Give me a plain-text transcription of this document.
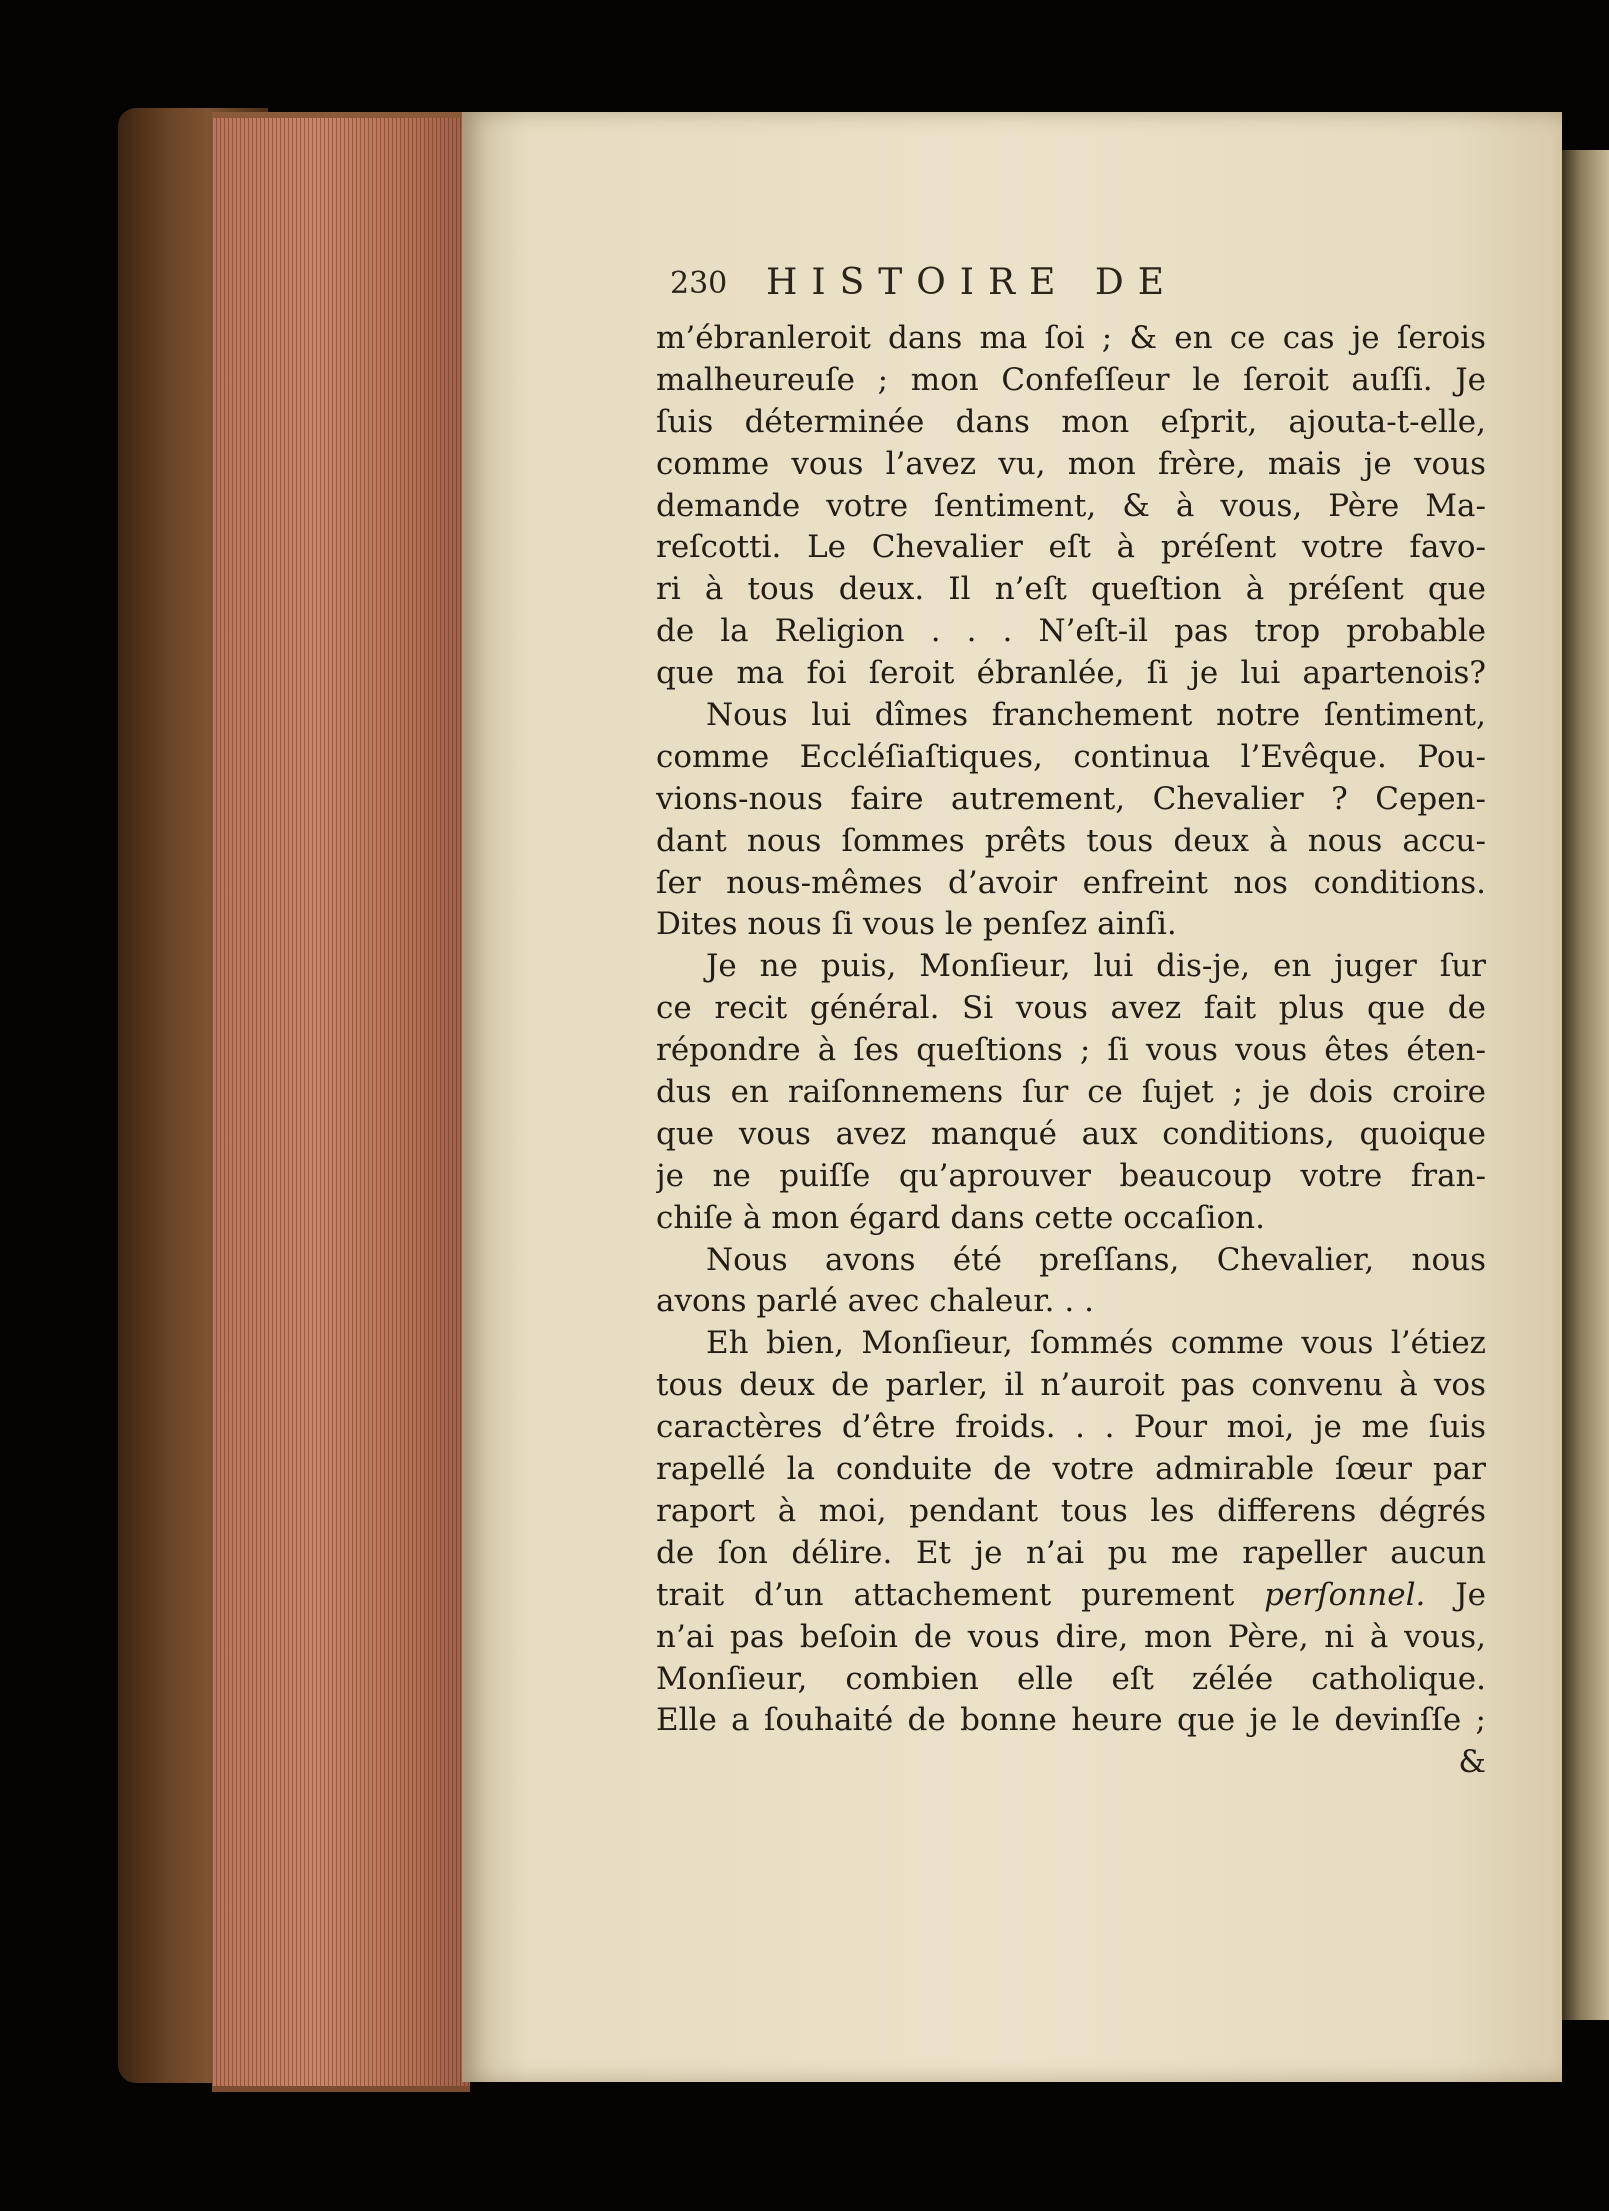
230 HISTOIRE DE
m’ébranleroit dans ma ſoi ; & en ce cas je ſerois
malheureuſe ; mon Confeſſeur le ſeroit auſſi. Je
ſuis déterminée dans mon eſprit, ajouta-t-elle,
comme vous l’avez vu, mon frère, mais je vous
demande votre ſentiment, & à vous, Père Ma-
reſcotti. Le Chevalier eſt à préſent votre favo-
ri à tous deux. Il n’eſt queſtion à préſent que
de la Religion . . . N’eſt-il pas trop probable
que ma foi ſeroit ébranlée, ſi je lui apartenois?
Nous lui dîmes franchement notre ſentiment,
comme Eccléſiaſtiques, continua l’Evêque. Pou-
vions-nous faire autrement, Chevalier ? Cepen-
dant nous ſommes prêts tous deux à nous accu-
ſer nous-mêmes d’avoir enfreint nos conditions.
Dites nous ſi vous le penſez ainſi.
Je ne puis, Monſieur, lui dis-je, en juger ſur
ce recit général. Si vous avez fait plus que de
répondre à ſes queſtions ; ſi vous vous êtes éten-
dus en raiſonnemens ſur ce ſujet ; je dois croire
que vous avez manqué aux conditions, quoique
je ne puiſſe qu’aprouver beaucoup votre fran-
chiſe à mon égard dans cette occaſion.
Nous avons été preſſans, Chevalier, nous
avons parlé avec chaleur. . .
Eh bien, Monſieur, ſommés comme vous l’étiez
tous deux de parler, il n’auroit pas convenu à vos
caractères d’être froids. . . Pour moi, je me ſuis
rapellé la conduite de votre admirable ſœur par
raport à moi, pendant tous les differens dégrés
de ſon délire. Et je n’ai pu me rapeller aucun
trait d’un attachement purement perſonnel. Je
n’ai pas beſoin de vous dire, mon Père, ni à vous,
Monſieur, combien elle eſt zélée catholique.
Elle a ſouhaité de bonne heure que je le devinſſe ;
&
